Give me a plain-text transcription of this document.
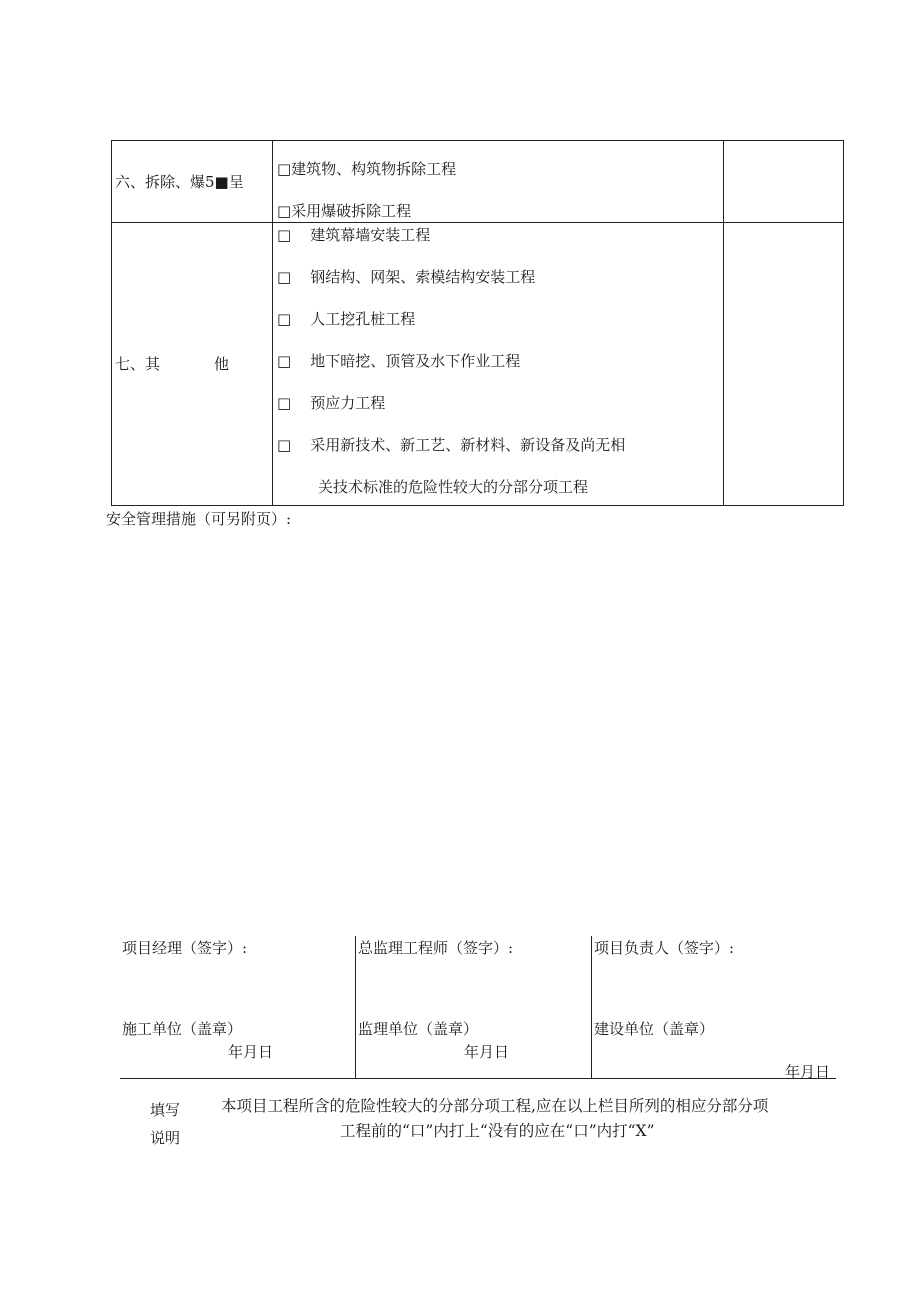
六、拆除、爆5■呈
□建筑物、构筑物拆除工程
□采用爆破拆除工程
七、其	他
□ 建筑幕墙安装工程
□ 钢结构、网架、索模结构安装工程
□ 人工挖孔桩工程
□ 地下暗挖、顶管及水下作业工程
□ 预应力工程
□ 采用新技术、新工艺、新材料、新设备及尚无相
关技术标准的危险性较大的分部分项工程
安全管理措施（可另附页）:
项目经理（签字）:	总监理工程师（签字）:	项目负责人（签字）:
施工单位（盖章）	监理单位（盖章）	建设单位（盖章）
年月日	年月日
年月日
填写
说明
本项目工程所含的危险性较大的分部分项工程,应在以上栏目所列的相应分部分项
工程前的“口”内打上“没有的应在“口”内打“X”
